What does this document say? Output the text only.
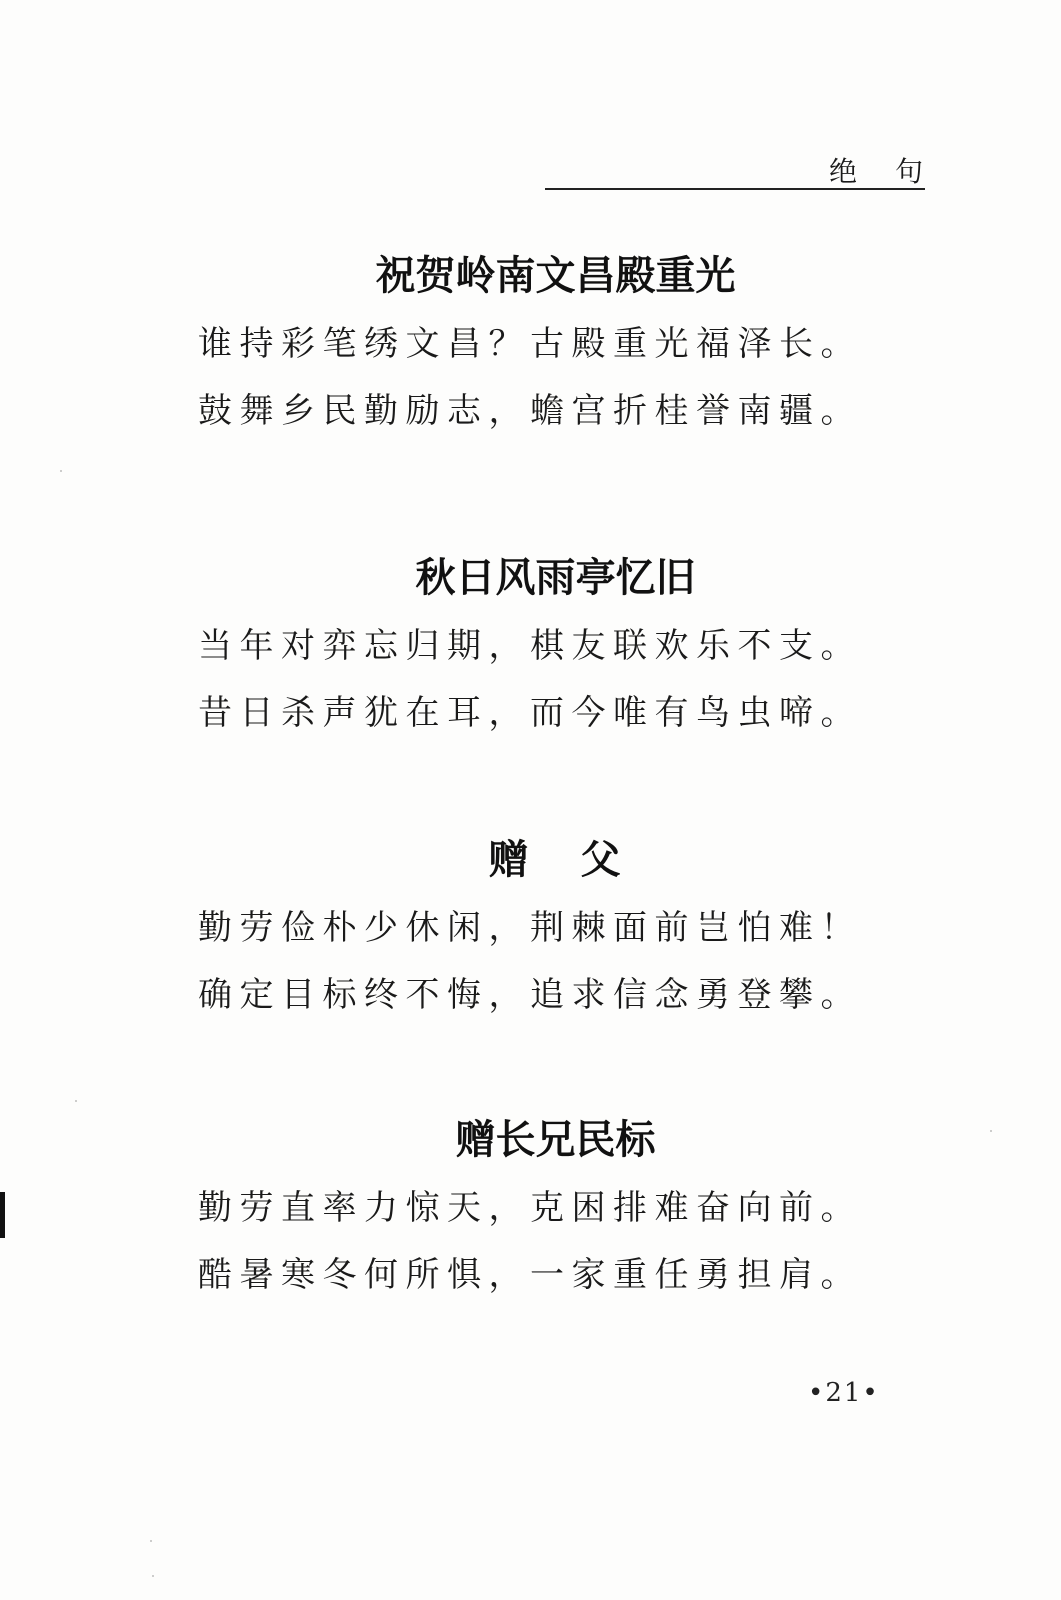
绝句
祝贺岭南文昌殿重光
谁持彩笔绣文昌？古殿重光福泽长。
鼓舞乡民勤励志，蟾宫折桂誉南疆。
秋日风雨亭忆旧
当年对弈忘归期，棋友联欢乐不支。
昔日杀声犹在耳，而今唯有鸟虫啼。
赠父
勤劳俭朴少休闲，荆棘面前岂怕难！
确定目标终不悔，追求信念勇登攀。
赠长兄民标
勤劳直率力惊天，克困排难奋向前。
酷暑寒冬何所惧，一家重任勇担肩。
•21•
